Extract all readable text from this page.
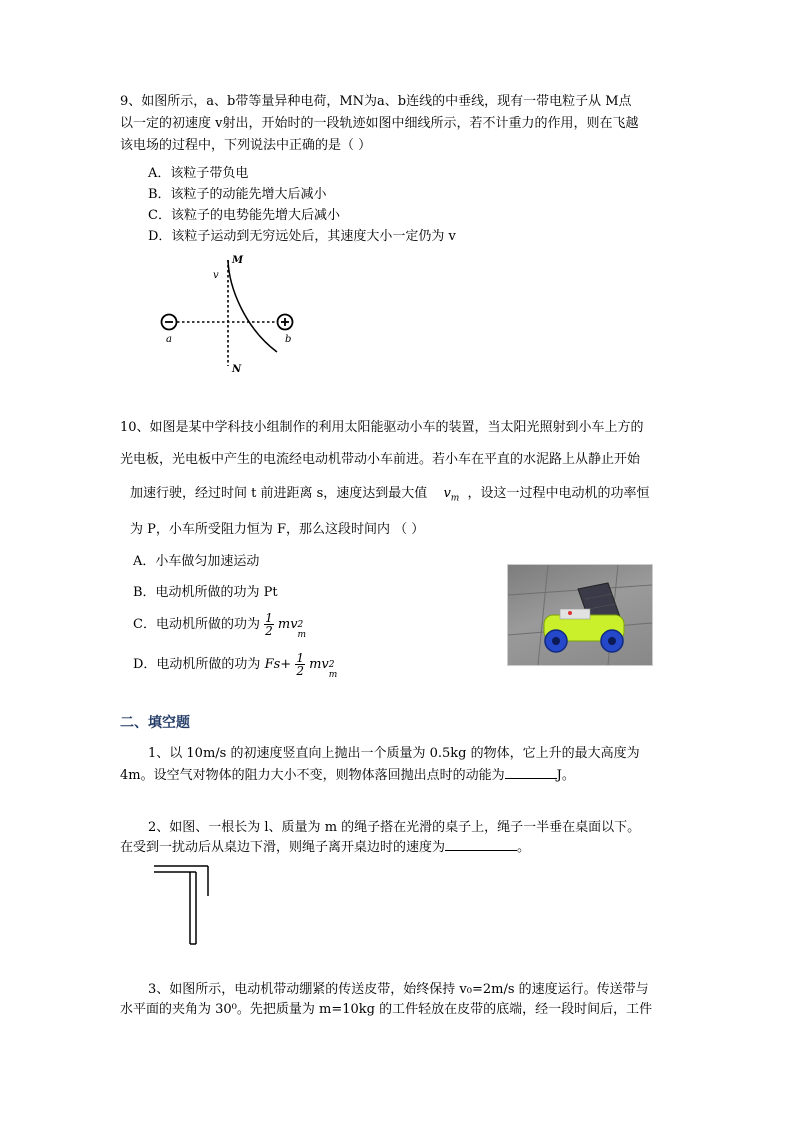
9、如图所示，a、b带等量异种电荷，MN为a、b连线的中垂线，现有一带电粒子从 M点
以一定的初速度 v射出，开始时的一段轨迹如图中细线所示，若不计重力的作用，则在飞越
该电场的过程中，下列说法中正确的是（ ）
A．该粒子带负电
B．该粒子的动能先增大后减小
C．该粒子的电势能先增大后减小
D．该粒子运动到无穷远处后，其速度大小一定仍为 v
M
v
a	b
N
10、如图是某中学科技小组制作的利用太阳能驱动小车的装置，当太阳光照射到小车上方的
光电板，光电板中产生的电流经电动机带动小车前进。若小车在平直的水泥路上从静止开始
加速行驶，经过时间 t 前进距离 s，速度达到最大值 $v_m$ ，设这一过程中电动机的功率恒
为 P，小车所受阻力恒为 F，那么这段时间内 （ ）
A．小车做匀加速运动
B．电动机所做的功为 Pt
C．电动机所做的功为 $\frac{1}{2}$ mv 2
m
D．电动机所做的功为 $Fs+ \frac{1}{2}$ mv 2
m
二、填空题
1、以 10m/s 的初速度竖直向上抛出一个质量为 0.5kg 的物体，它上升的最大高度为
4m。设空气对物体的阻力大小不变，则物体落回抛出点时的动能为	J。
2、如图、一根长为 l、质量为 m 的绳子搭在光滑的桌子上，绳子一半垂在桌面以下。
在受到一扰动后从桌边下滑，则绳子离开桌边时的速度为	。
3、如图所示，电动机带动绷紧的传送皮带，始终保持 v₀=2m/s 的速度运行。传送带与
水平面的夹角为 30⁰。先把质量为 m=10kg 的工件轻放在皮带的底端，经一段时间后，工件
